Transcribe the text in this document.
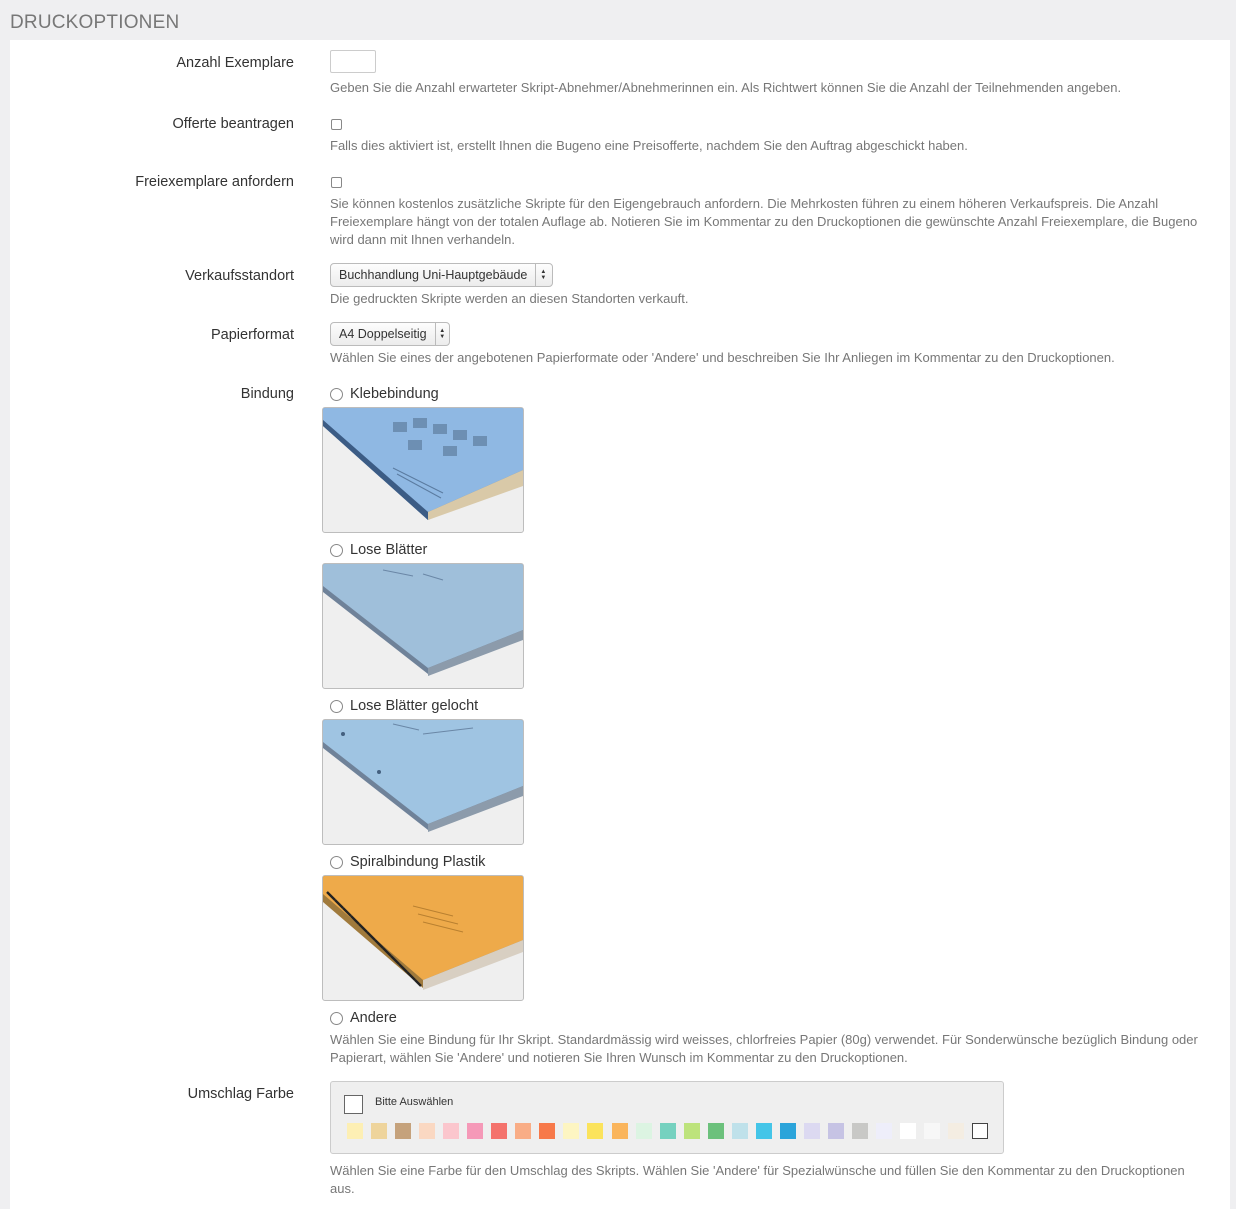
DRUCKOPTIONEN
Anzahl Exemplare
Geben Sie die Anzahl erwarteter Skript-Abnehmer/Abnehmerinnen ein. Als Richtwert können Sie die Anzahl der Teilnehmenden angeben.
Offerte beantragen
Falls dies aktiviert ist, erstellt Ihnen die Bugeno eine Preisofferte, nachdem Sie den Auftrag abgeschickt haben.
Freiexemplare anfordern
Sie können kostenlos zusätzliche Skripte für den Eigengebrauch anfordern. Die Mehrkosten führen zu einem höheren Verkaufspreis. Die Anzahl Freiexemplare hängt von der totalen Auflage ab. Notieren Sie im Kommentar zu den Druckoptionen die gewünschte Anzahl Freiexemplare, die Bugeno wird dann mit Ihnen verhandeln.
Verkaufsstandort	Buchhandlung Uni-Hauptgebäude	▲
▼
Die gedruckten Skripte werden an diesen Standorten verkauft.
Papierformat	A4 Doppelseitig	▲
▼
Wählen Sie eines der angebotenen Papierformate oder 'Andere' und beschreiben Sie Ihr Anliegen im Kommentar zu den Druckoptionen.
Bindung	Klebebindung
Lose Blätter
Lose Blätter gelocht
Spiralbindung Plastik
Andere
Wählen Sie eine Bindung für Ihr Skript. Standardmässig wird weisses, chlorfreies Papier (80g) verwendet. Für Sonderwünsche bezüglich Bindung oder Papierart, wählen Sie 'Andere' und notieren Sie Ihren Wunsch im Kommentar zu den Druckoptionen.
Umschlag Farbe	Bitte Auswählen
Wählen Sie eine Farbe für den Umschlag des Skripts. Wählen Sie 'Andere' für Spezialwünsche und füllen Sie den Kommentar zu den Druckoptionen aus.
